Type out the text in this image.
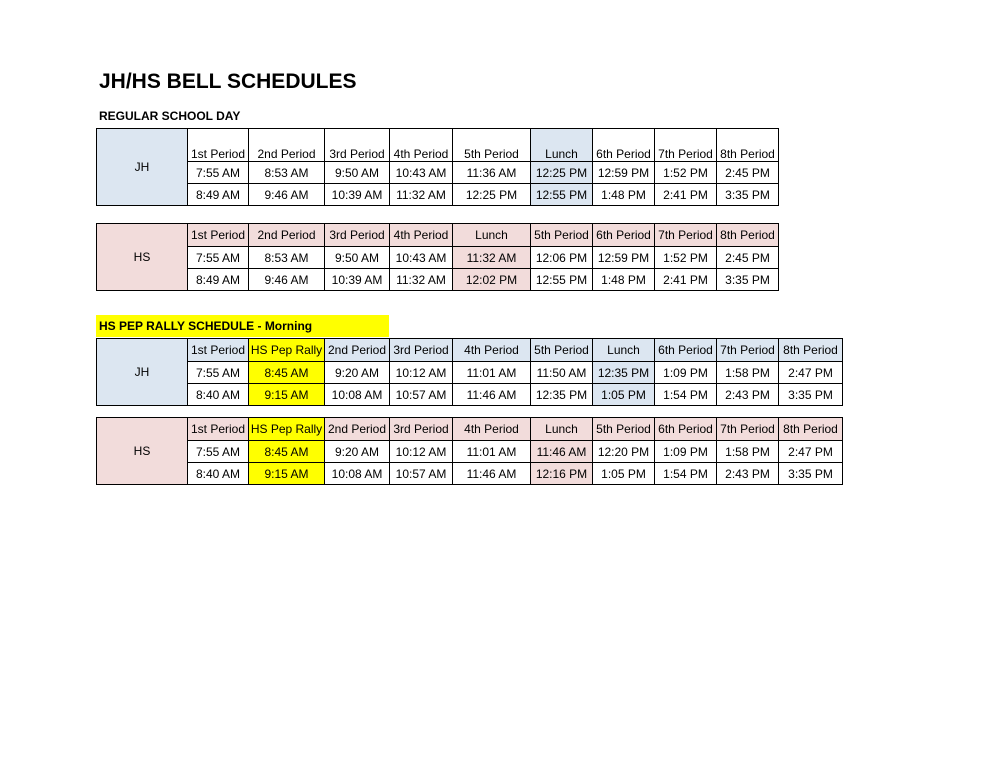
JH/HS BELL SCHEDULES
REGULAR SCHOOL DAY
JH	1st Period	2nd Period	3rd Period	4th Period	5th Period	Lunch	6th Period	7th Period	8th Period
	7:55 AM	8:53 AM	9:50 AM	10:43 AM	11:36 AM	12:25 PM	12:59 PM	1:52 PM	2:45 PM
	8:49 AM	9:46 AM	10:39 AM	11:32 AM	12:25 PM	12:55 PM	1:48 PM	2:41 PM	3:35 PM
HS	1st Period	2nd Period	3rd Period	4th Period	Lunch	5th Period	6th Period	7th Period	8th Period
	7:55 AM	8:53 AM	9:50 AM	10:43 AM	11:32 AM	12:06 PM	12:59 PM	1:52 PM	2:45 PM
	8:49 AM	9:46 AM	10:39 AM	11:32 AM	12:02 PM	12:55 PM	1:48 PM	2:41 PM	3:35 PM
HS PEP RALLY SCHEDULE - Morning
JH	1st Period	HS Pep Rally	2nd Period	3rd Period	4th Period	5th Period	Lunch	6th Period	7th Period	8th Period
	7:55 AM	8:45 AM	9:20 AM	10:12 AM	11:01 AM	11:50 AM	12:35 PM	1:09 PM	1:58 PM	2:47 PM
	8:40 AM	9:15 AM	10:08 AM	10:57 AM	11:46 AM	12:35 PM	1:05 PM	1:54 PM	2:43 PM	3:35 PM
HS	1st Period	HS Pep Rally	2nd Period	3rd Period	4th Period	Lunch	5th Period	6th Period	7th Period	8th Period
	7:55 AM	8:45 AM	9:20 AM	10:12 AM	11:01 AM	11:46 AM	12:20 PM	1:09 PM	1:58 PM	2:47 PM
	8:40 AM	9:15 AM	10:08 AM	10:57 AM	11:46 AM	12:16 PM	1:05 PM	1:54 PM	2:43 PM	3:35 PM
